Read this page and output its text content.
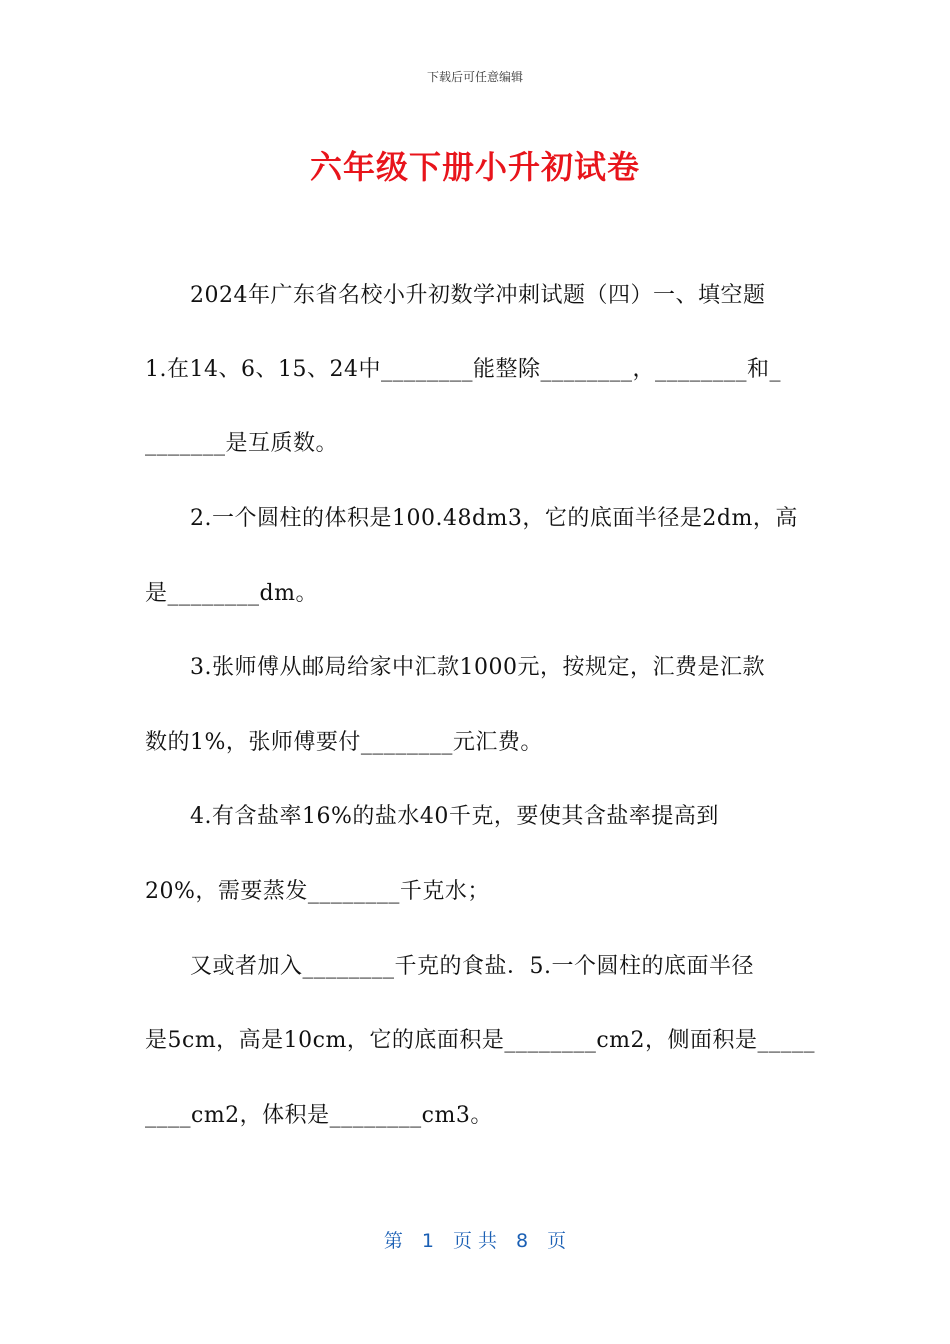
下载后可任意编辑
六年级下册小升初试卷
2024年广东省名校小升初数学冲刺试题（四）一、填空题
1.在14、6、15、24中________能整除________，________和_
_______是互质数。
2.一个圆柱的体积是100.48dm3，它的底面半径是2dm，高
是________dm。
3.张师傅从邮局给家中汇款1000元，按规定，汇费是汇款
数的1%，张师傅要付________元汇费。
4.有含盐率16%的盐水40千克，要使其含盐率提高到
20%，需要蒸发________千克水；
又或者加入________千克的食盐．5.一个圆柱的底面半径
是5cm，高是10cm，它的底面积是________cm2，侧面积是_____
____cm2，体积是________cm3。
第　1　页 共　8　页
